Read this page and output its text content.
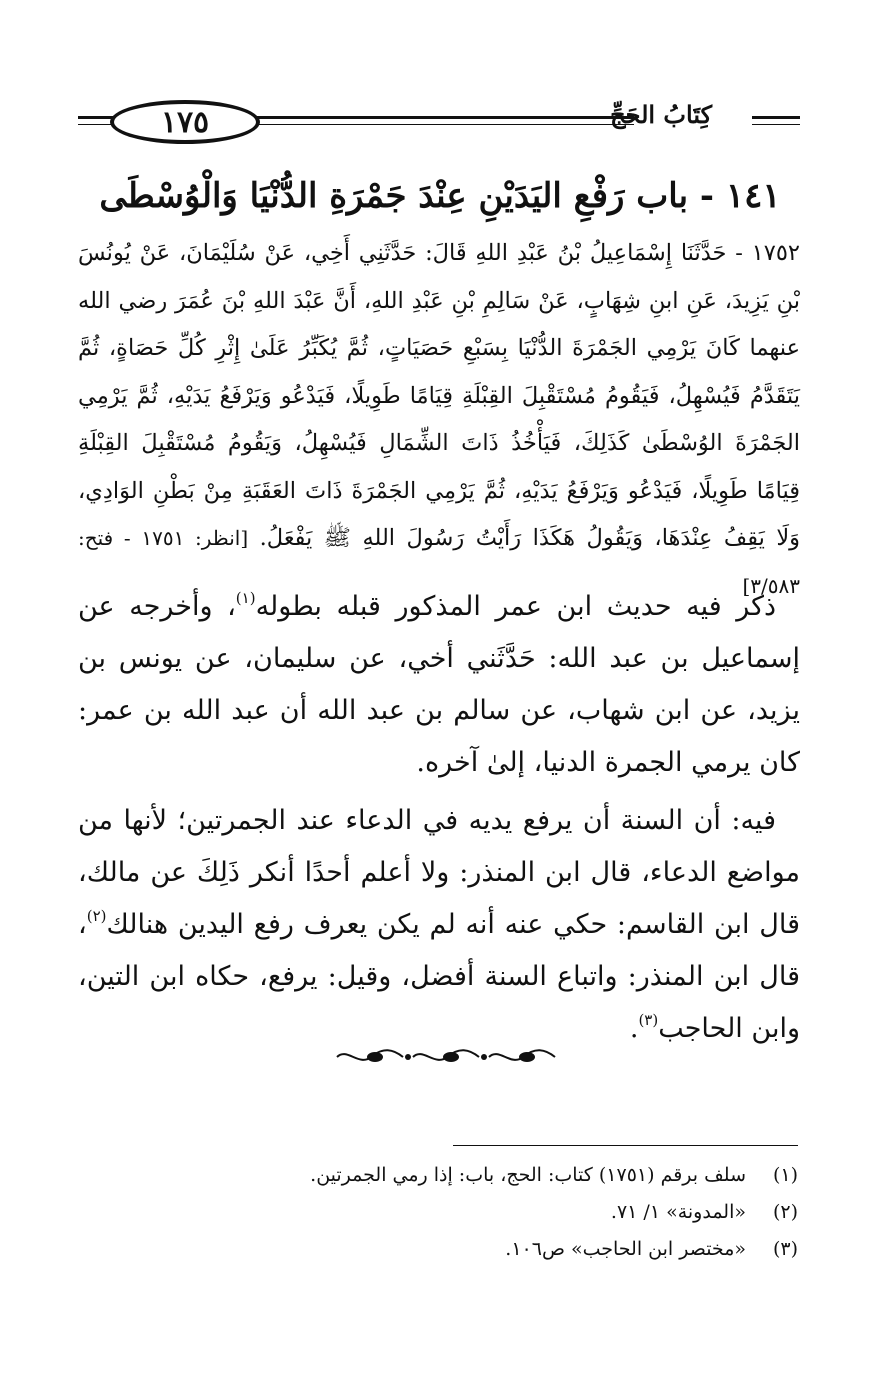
١٧٥	كِتَابُ الحَجِّ
١٤١ - باب رَفْعِ اليَدَيْنِ عِنْدَ جَمْرَةِ الدُّنْيَا وَالْوُسْطَى
١٧٥٢ - حَدَّثَنَا إِسْمَاعِيلُ بْنُ عَبْدِ اللهِ قَالَ: حَدَّثَنِي أَخِي، عَنْ سُلَيْمَانَ، عَنْ يُونُسَ بْنِ يَزِيدَ، عَنِ ابنِ شِهَابٍ، عَنْ سَالِمِ بْنِ عَبْدِ اللهِ، أَنَّ عَبْدَ اللهِ بْنَ عُمَرَ رضي الله عنهما كَانَ يَرْمِي الجَمْرَةَ الدُّنْيَا بِسَبْعِ حَصَيَاتٍ، ثُمَّ يُكَبِّرُ عَلَىٰ إِثْرِ كُلِّ حَصَاةٍ، ثُمَّ يَتَقَدَّمُ فَيُسْهِلُ، فَيَقُومُ مُسْتَقْبِلَ القِبْلَةِ قِيَامًا طَوِيلًا، فَيَدْعُو وَيَرْفَعُ يَدَيْهِ، ثُمَّ يَرْمِي الجَمْرَةَ الوُسْطَىٰ كَذَلِكَ، فَيَأْخُذُ ذَاتَ الشِّمَالِ فَيُسْهِلُ، وَيَقُومُ مُسْتَقْبِلَ القِبْلَةِ قِيَامًا طَوِيلًا، فَيَدْعُو وَيَرْفَعُ يَدَيْهِ، ثُمَّ يَرْمِي الجَمْرَةَ ذَاتَ العَقَبَةِ مِنْ بَطْنِ الوَادِي، وَلَا يَقِفُ عِنْدَهَا، وَيَقُولُ هَكَذَا رَأَيْتُ رَسُولَ اللهِ ﷺ يَفْعَلُ. [انظر: ١٧٥١ - فتح: ٣/٥٨٣]

ذكر فيه حديث ابن عمر المذكور قبله بطوله$^{(١)}$، وأخرجه عن إسماعيل بن عبد الله: حَدَّثَني أخي، عن سليمان، عن يونس بن يزيد، عن ابن شهاب، عن سالم بن عبد الله أن عبد الله بن عمر: كان يرمي الجمرة الدنيا، إلىٰ آخره.

فيه: أن السنة أن يرفع يديه في الدعاء عند الجمرتين؛ لأنها من مواضع الدعاء، قال ابن المنذر: ولا أعلم أحدًا أنكر ذَلِكَ عن مالك، قال ابن القاسم: حكي عنه أنه لم يكن يعرف رفع اليدين هنالك$^{(٢)}$، قال ابن المنذر: واتباع السنة أفضل، وقيل: يرفع، حكاه ابن التين، وابن الحاجب$^{(٣)}$.

(١)
سلف برقم (١٧٥١) كتاب: الحج، باب: إذا رمي الجمرتين.
(٢)
«المدونة» ١/ ٧١.
(٣)
«مختصر ابن الحاجب» ص١٠٦.
